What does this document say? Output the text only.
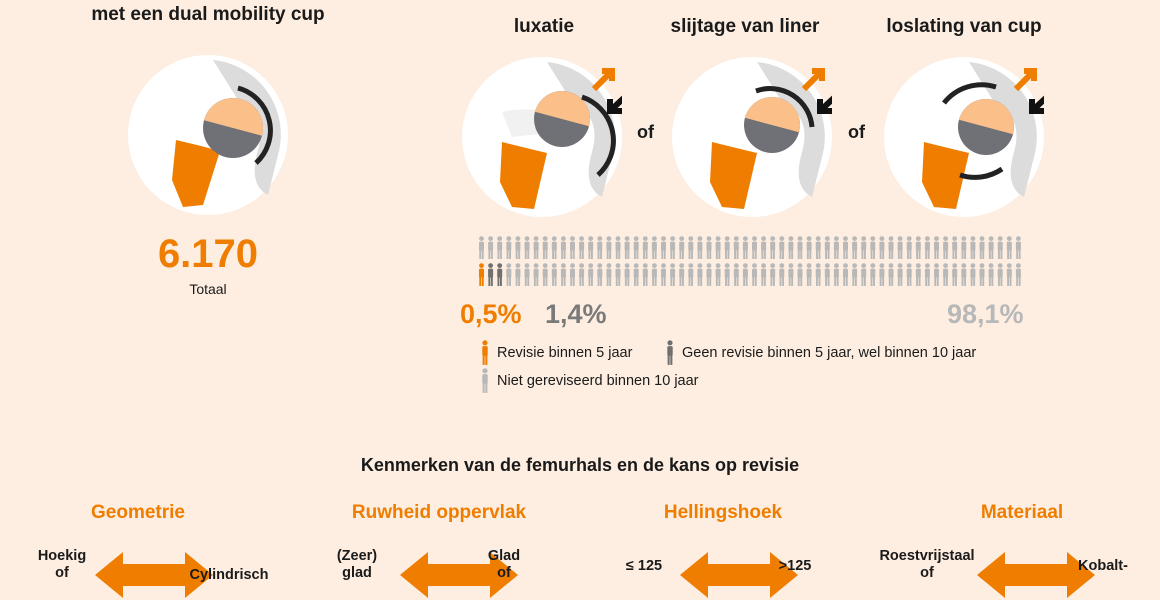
met een dual mobility cup
luxatie
of
slijtage van liner
of
loslating van cup
6.170
Totaal
0,5% 1,4%	98,1%
Revisie binnen 5 jaar	Geen revisie binnen 5 jaar, wel binnen 10 jaar
Niet gereviseerd binnen 10 jaar
Kenmerken van de femurhals en de kans op revisie
Geometrie	Ruwheid oppervlak	Hellingshoek	Materiaal
Hoekig
of	Cylindrisch
(Zeer)
glad
Glad
of	≤ 125	>125
Roestvrijstaal
of	Kobalt-
